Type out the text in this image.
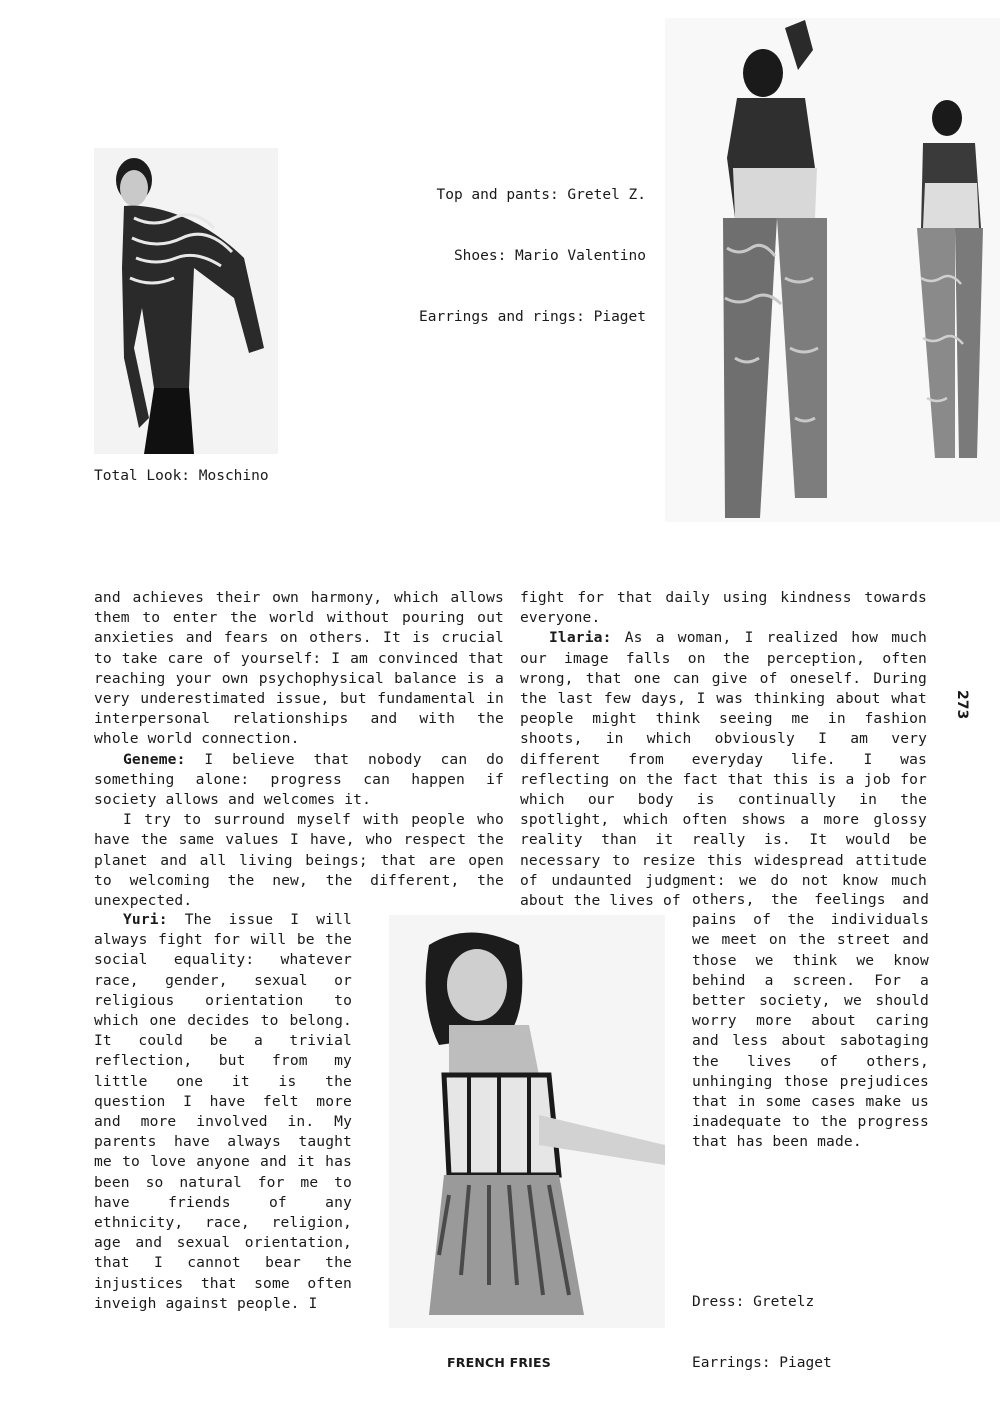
Top and pants: Gretel Z.

Shoes: Mario Valentino

Earrings and rings: Piaget

Total Look: Moschino
273

and achieves their own harmony, which allows them to enter the world without pouring out anxieties and fears on others. It is crucial to take care of yourself: I am convinced that reaching your own psychophysical balance is a very underestimated issue, but fundamental in interpersonal relationships and with the whole world connection.

Geneme: I believe that nobody can do something alone: progress can happen if society allows and welcomes it.

I try to surround myself with people who have the same values I have, who respect the planet and all living beings; that are open to welcoming the new, the different, the unexpected.

Yuri: The issue I will always fight for will be the social equality: whatever race, gender, sexual or religious orientation to which one decides to belong. It could be a trivial reflection, but from my little one it is the question I have felt more and more involved in. My parents have always taught me to love anyone and it has been so natural for me to have friends of any ethnicity, race, religion, age and sexual orientation, that I cannot bear the injustices that some often inveigh against people. I

fight for that daily using kindness towards everyone.

Ilaria: As a woman, I realized how much our image falls on the perception, often wrong, that one can give of oneself. During the last few days, I was thinking about what people might think seeing me in fashion shoots, in which obviously I am very different from everyday life. I was reflecting on the fact that this is a job for which our body is continually in the spotlight, which often shows a more glossy reality than it really is. It would be necessary to resize this widespread attitude of undaunted judgment: we do not know much about the lives of others, the feelings and pains of the individuals we meet on the street and those we think we know behind a screen. For a better society, we should worry more about caring and less about sabotaging the lives of others, unhinging those prejudices that in some cases make us inadequate to the progress that has been made.

Dress: Gretelz

Earrings: Piaget

FRENCH FRIES
